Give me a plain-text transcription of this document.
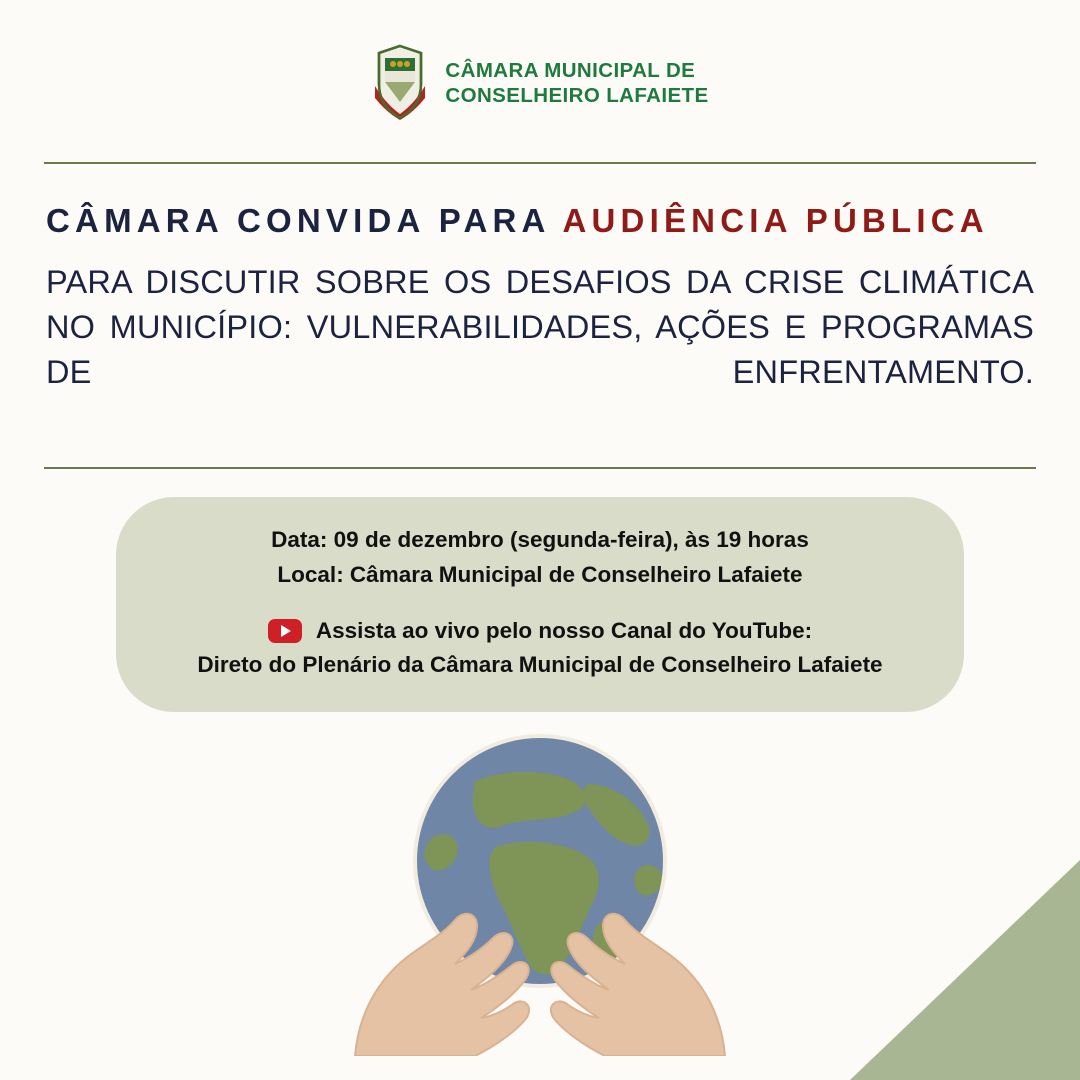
CÂMARA MUNICIPAL DE
CONSELHEIRO LAFAIETE
CÂMARA CONVIDA PARA AUDIÊNCIA PÚBLICA
PARA DISCUTIR SOBRE OS DESAFIOS DA CRISE CLIMÁTICA NO MUNICÍPIO: VULNERABILIDADES, AÇÕES E PROGRAMAS DE ENFRENTAMENTO.
Data: 09 de dezembro (segunda-feira), às 19 horas
Local: Câmara Municipal de Conselheiro Lafaiete
Assista ao vivo pelo nosso Canal do YouTube:
Direto do Plenário da Câmara Municipal de Conselheiro Lafaiete
